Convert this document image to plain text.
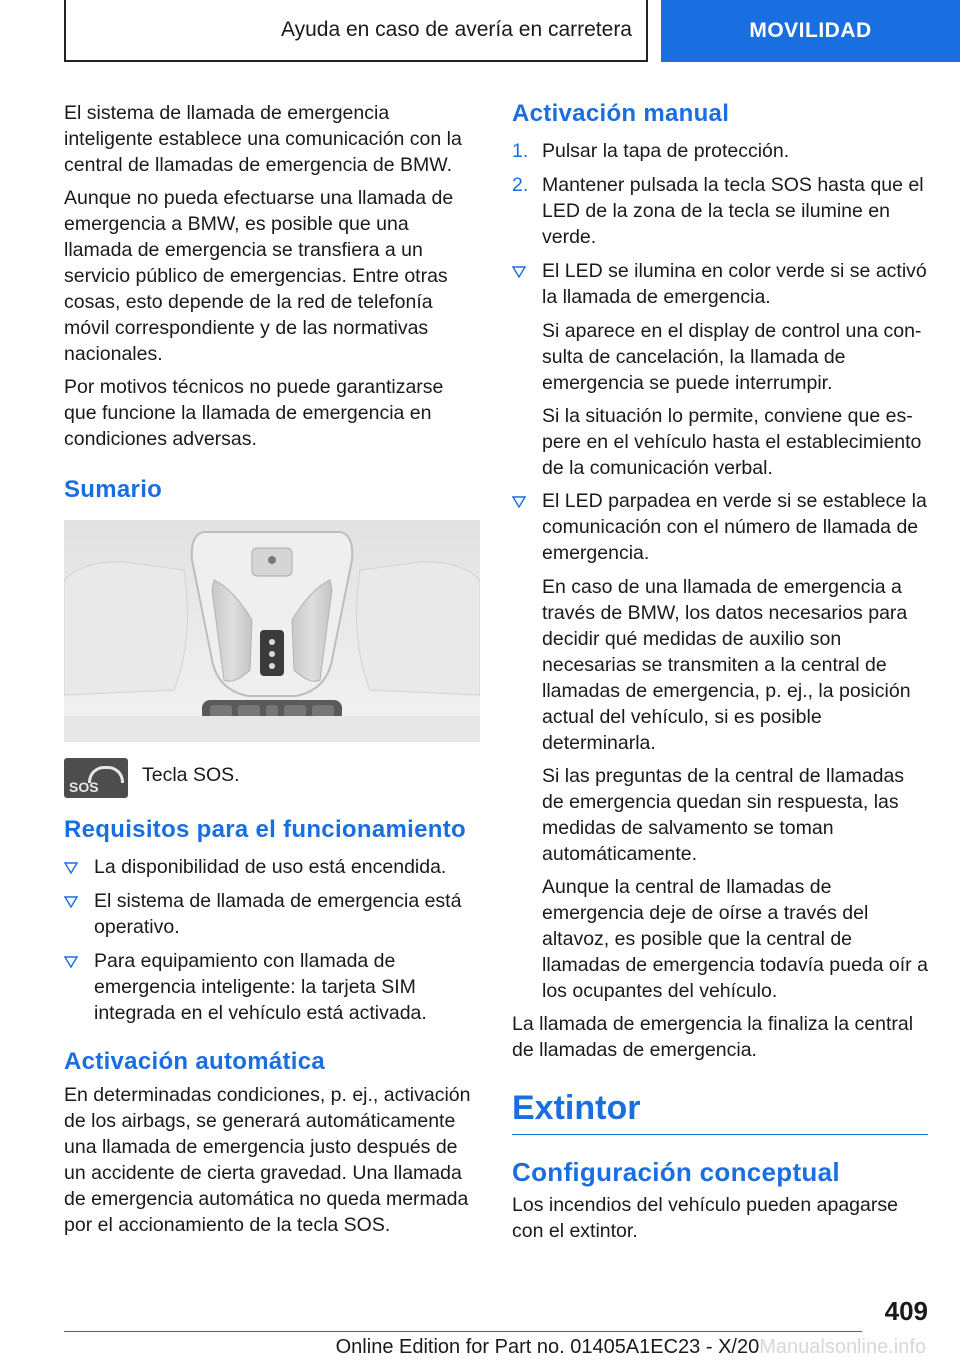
Ayuda en caso de avería en carretera	MOVILIDAD

El sistema de llamada de emergencia inteligente establece una comunicación con la central de llamadas de emergencia de BMW.

Aunque no pueda efectuarse una llamada de emergencia a BMW, es posible que una llamada de emergencia se transfiera a un servicio público de emergencias. Entre otras cosas, esto depende de la red de telefonía móvil correspondiente y de las normativas nacionales.

Por motivos técnicos no puede garantizarse que funcione la llamada de emergencia en condiciones adversas.

Sumario
SOS
Tecla SOS.
Requisitos para el funcionamiento
La disponibilidad de uso está encendida.
El sistema de llamada de emergencia está operativo.
Para equipamiento con llamada de emergencia inteligente: la tarjeta SIM integrada en el vehículo está activada.
Activación automática

En determinadas condiciones, p. ej., activación de los airbags, se generará automáticamente una llamada de emergencia justo después de un accidente de cierta gravedad. Una llamada de emergencia automática no queda mermada por el accionamiento de la tecla SOS.

Activación manual
1. Pulsar la tapa de protección.
2. Mantener pulsada la tecla SOS hasta que el LED de la zona de la tecla se ilumine en verde.
El LED se ilumina en color verde si se activó la llamada de emergencia.

Si aparece en el display de control una consulta de cancelación, la llamada de emergencia se puede interrumpir.

Si la situación lo permite, conviene que espere en el vehículo hasta el establecimiento de la comunicación verbal.

El LED parpadea en verde si se establece la comunicación con el número de llamada de emergencia.

En caso de una llamada de emergencia a través de BMW, los datos necesarios para decidir qué medidas de auxilio son necesarias se transmiten a la central de llamadas de emergencia, p. ej., la posición actual del vehículo, si es posible determinarla.

Si las preguntas de la central de llamadas de emergencia quedan sin respuesta, las medidas de salvamento se toman automáticamente.

Aunque la central de llamadas de emergencia deje de oírse a través del altavoz, es posible que la central de llamadas de emergencia todavía pueda oír a los ocupantes del vehículo.

La llamada de emergencia la finaliza la central de llamadas de emergencia.

Extintor
Configuración conceptual

Los incendios del vehículo pueden apagarse con el extintor.

409
Online Edition for Part no. 01405A1EC23 - X/20Manualsonline.info
